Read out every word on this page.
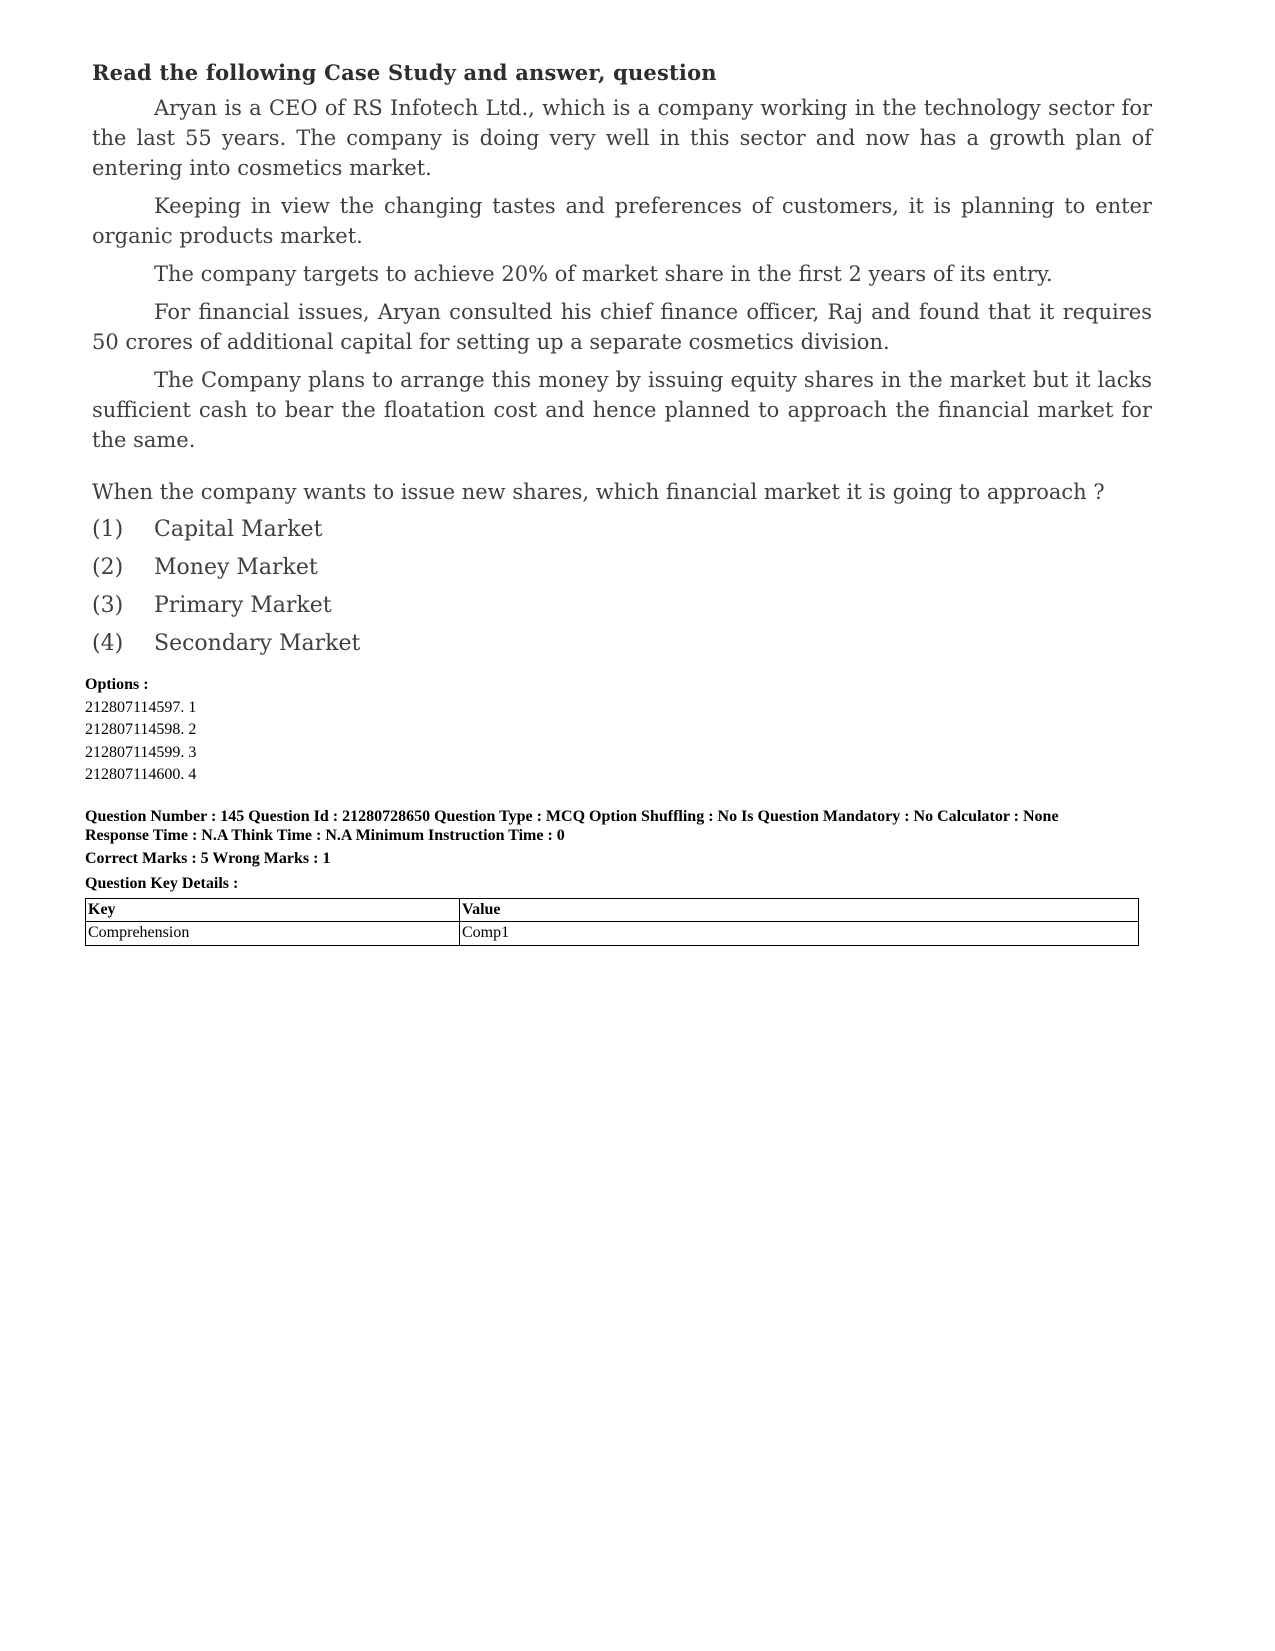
Read the following Case Study and answer, question

Aryan is a CEO of RS Infotech Ltd., which is a company working in the technology sector for the last 55 years. The company is doing very well in this sector and now has a growth plan of entering into cosmetics market.

Keeping in view the changing tastes and preferences of customers, it is planning to enter organic products market.

The company targets to achieve 20% of market share in the first 2 years of its entry.

For financial issues, Aryan consulted his chief finance officer, Raj and found that it requires 50 crores of additional capital for setting up a separate cosmetics division.

The Company plans to arrange this money by issuing equity shares in the market but it lacks sufficient cash to bear the floatation cost and hence planned to approach the financial market for the same.

When the company wants to issue new shares, which financial market it is going to approach ?
(1)	Capital Market
(2)	Money Market
(3)	Primary Market
(4)	Secondary Market
Options :

212807114597. 1

212807114598. 2

212807114599. 3

212807114600. 4

Question Number : 145 Question Id : 21280728650 Question Type : MCQ Option Shuffling : No Is Question Mandatory : No Calculator : None

Response Time : N.A Think Time : N.A Minimum Instruction Time : 0

Correct Marks : 5 Wrong Marks : 1

Question Key Details :

Key	Value
Comprehension	Comp1
